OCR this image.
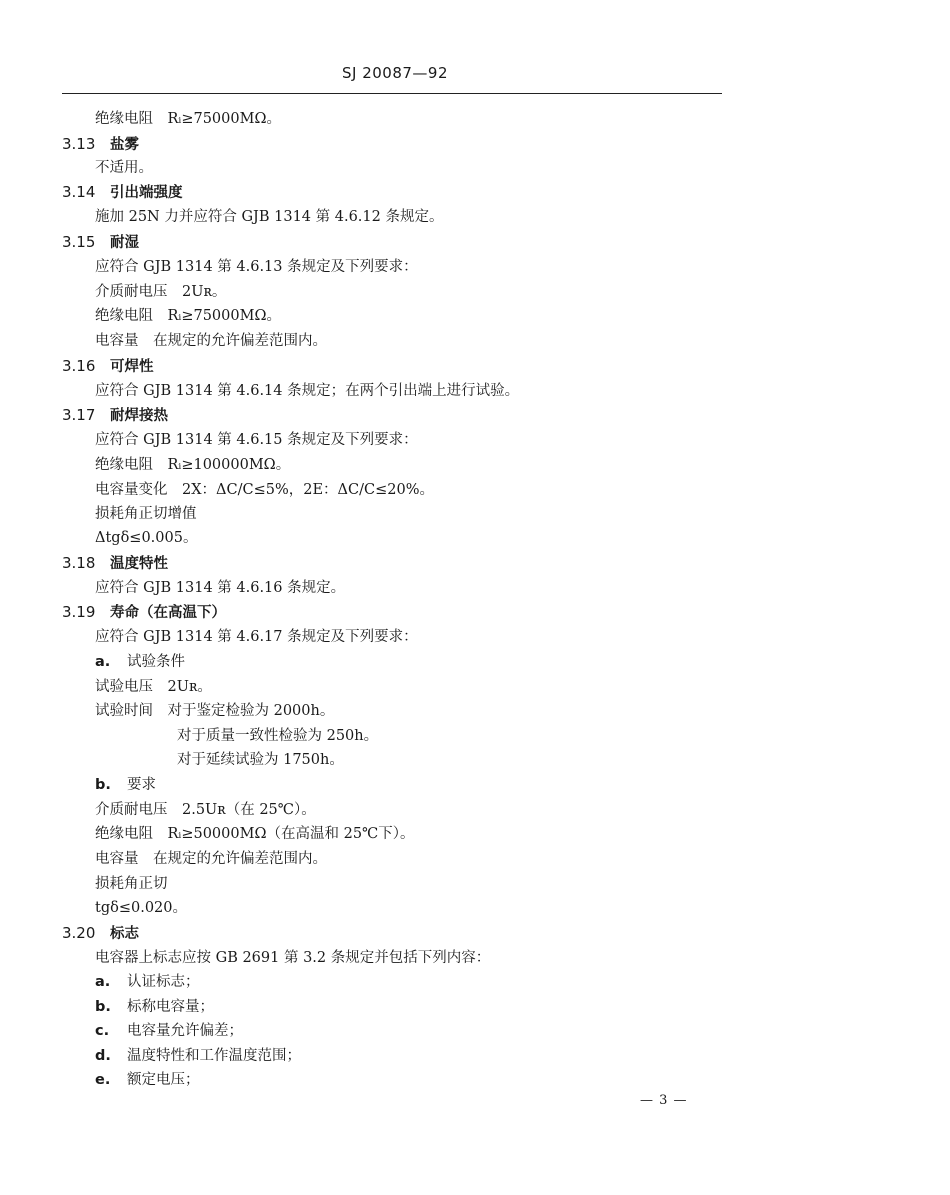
SJ 20087—92
绝缘电阻　Rᵢ≥75000MΩ。
3.13 盐雾
不适用。
3.14 引出端强度
施加 25N 力并应符合 GJB 1314 第 4.6.12 条规定。
3.15 耐湿
应符合 GJB 1314 第 4.6.13 条规定及下列要求：
介质耐电压　2Uʀ。
绝缘电阻　Rᵢ≥75000MΩ。
电容量　在规定的允许偏差范围内。
3.16 可焊性
应符合 GJB 1314 第 4.6.14 条规定；在两个引出端上进行试验。
3.17 耐焊接热
应符合 GJB 1314 第 4.6.15 条规定及下列要求：
绝缘电阻　Rᵢ≥100000MΩ。
电容量变化　2X：ΔC/C≤5%，2E：ΔC/C≤20%。
损耗角正切增值
Δtgδ≤0.005。
3.18 温度特性
应符合 GJB 1314 第 4.6.16 条规定。
3.19 寿命（在高温下）
应符合 GJB 1314 第 4.6.17 条规定及下列要求：
a. 试验条件
试验电压　2Uʀ。
试验时间　对于鉴定检验为 2000h。
对于质量一致性检验为 250h。
对于延续试验为 1750h。
b. 要求
介质耐电压　2.5Uʀ（在 25℃）。
绝缘电阻　Rᵢ≥50000MΩ（在高温和 25℃下）。
电容量　在规定的允许偏差范围内。
损耗角正切
tgδ≤0.020。
3.20 标志
电容器上标志应按 GB 2691 第 3.2 条规定并包括下列内容：
a. 认证标志；
b. 标称电容量；
c. 电容量允许偏差；
d. 温度特性和工作温度范围；
e. 额定电压；
— 3 —
